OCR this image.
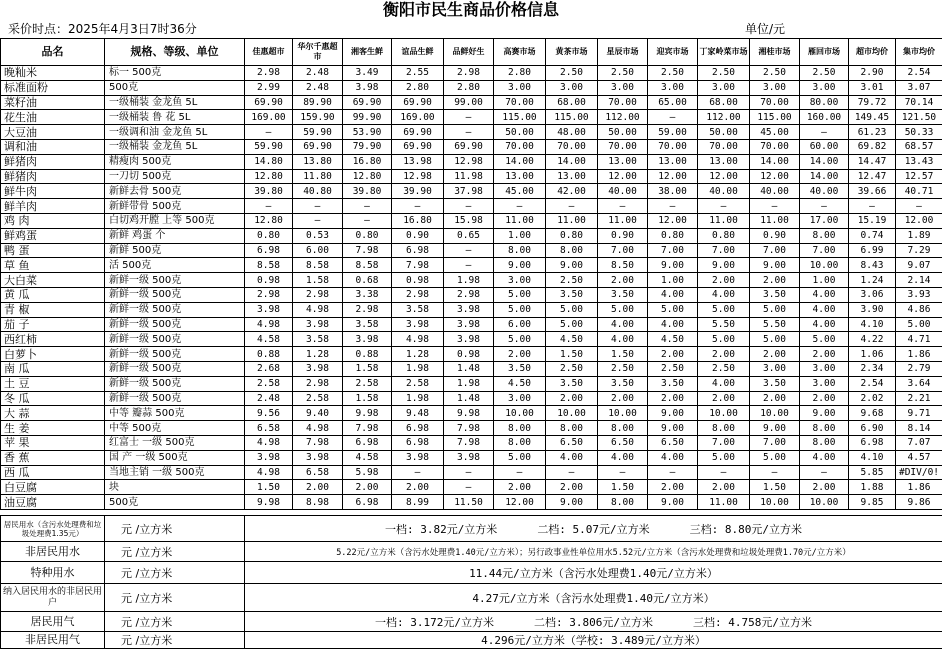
衡阳市民生商品价格信息
采价时点：2025年4月3日7时36分	单位/元
品名	规格、等级、单位	佳惠超市	华尔千惠超 市	湘客生鲜	谊品生鲜	品鲜好生	高赛市场	黄茶市场	星辰市场	迎宾市场	丁家岭菜市场	湘桂市场	雁回市场	超市均价	集市均价
晚籼米	标一 500克	2.98	2.48	3.49	2.55	2.98	2.80	2.50	2.50	2.50	2.50	2.50	2.50	2.90	2.54
标准面粉	500克	2.99	2.48	3.98	2.80	2.80	3.00	3.00	3.00	3.00	3.00	3.00	3.00	3.01	3.07
菜籽油	一级桶装 金龙鱼 5L	69.90	89.90	69.90	69.90	99.00	70.00	68.00	70.00	65.00	68.00	70.00	80.00	79.72	70.14
花生油	一级桶装 鲁 花 5L	169.00	159.90	99.90	169.00	—	115.00	115.00	112.00	—	112.00	115.00	160.00	149.45	121.50
大豆油	一级调和油 金龙鱼 5L	—	59.90	53.90	69.90	—	50.00	48.00	50.00	59.00	50.00	45.00	—	61.23	50.33
调和油	一级桶装 金龙鱼 5L	59.90	69.90	79.90	69.90	69.90	70.00	70.00	70.00	70.00	70.00	70.00	60.00	69.82	68.57
鲜猪肉	精瘦肉 500克	14.80	13.80	16.80	13.98	12.98	14.00	14.00	13.00	13.00	13.00	14.00	14.00	14.47	13.43
鲜猪肉	一刀切 500克	12.80	11.80	12.80	12.98	11.98	13.00	13.00	12.00	12.00	12.00	12.00	14.00	12.47	12.57
鲜牛肉	新鲜去骨 500克	39.80	40.80	39.80	39.90	37.98	45.00	42.00	40.00	38.00	40.00	40.00	40.00	39.66	40.71
鲜羊肉	新鲜带骨 500克	—	—	—	—	—	—	—	—	—	—	—	—	—	—
鸡 肉	白切鸡开膛 上等 500克	12.80	—	—	16.80	15.98	11.00	11.00	11.00	12.00	11.00	11.00	17.00	15.19	12.00
鲜鸡蛋	新鲜 鸡蛋 个	0.80	0.53	0.80	0.90	0.65	1.00	0.80	0.90	0.80	0.80	0.90	8.00	0.74	1.89
鸭 蛋	新鲜 500克	6.98	6.00	7.98	6.98	—	8.00	8.00	7.00	7.00	7.00	7.00	7.00	6.99	7.29
草 鱼	活 500克	8.58	8.58	8.58	7.98	—	9.00	9.00	8.50	9.00	9.00	9.00	10.00	8.43	9.07
大白菜	新鲜一级 500克	0.98	1.58	0.68	0.98	1.98	3.00	2.50	2.00	1.00	2.00	2.00	1.00	1.24	2.14
黄 瓜	新鲜一级 500克	2.98	2.98	3.38	2.98	2.98	5.00	3.50	3.50	4.00	4.00	3.50	4.00	3.06	3.93
青 椒	新鲜一级 500克	3.98	4.98	2.98	3.58	3.98	5.00	5.00	5.00	5.00	5.00	5.00	4.00	3.90	4.86
茄 子	新鲜一级 500克	4.98	3.98	3.58	3.98	3.98	6.00	5.00	4.00	4.00	5.50	5.50	4.00	4.10	5.00
西红柿	新鲜一级 500克	4.58	3.58	3.98	4.98	3.98	5.00	4.50	4.00	4.50	5.00	5.00	5.00	4.22	4.71
白萝卜	新鲜一级 500克	0.88	1.28	0.88	1.28	0.98	2.00	1.50	1.50	2.00	2.00	2.00	2.00	1.06	1.86
南 瓜	新鲜一级 500克	2.68	3.98	1.58	1.98	1.48	3.50	2.50	2.50	2.50	2.50	3.00	3.00	2.34	2.79
土 豆	新鲜一级 500克	2.58	2.98	2.58	2.58	1.98	4.50	3.50	3.50	3.50	4.00	3.50	3.00	2.54	3.64
冬 瓜	新鲜一级 500克	2.48	2.58	1.58	1.98	1.48	3.00	2.00	2.00	2.00	2.00	2.00	2.00	2.02	2.21
大 蒜	中等 瓣蒜 500克	9.56	9.40	9.98	9.48	9.98	10.00	10.00	10.00	9.00	10.00	10.00	9.00	9.68	9.71
生 姜	中等 500克	6.58	4.98	7.98	6.98	7.98	8.00	8.00	8.00	9.00	8.00	9.00	8.00	6.90	8.14
苹 果	红富士 一级 500克	4.98	7.98	6.98	6.98	7.98	8.00	6.50	6.50	6.50	7.00	7.00	8.00	6.98	7.07
香 蕉	国 产 一级 500克	3.98	3.98	4.58	3.98	3.98	5.00	4.00	4.00	4.00	5.00	5.00	4.00	4.10	4.57
西 瓜	当地主销 一级 500克	4.98	6.58	5.98	—	—	—	—	—	—	—	—	—	5.85	#DIV/0!
白豆腐	块	1.50	2.00	2.00	2.00	—	2.00	2.00	1.50	2.00	2.00	1.50	2.00	1.88	1.86
油豆腐	500克	9.98	8.98	6.98	8.99	11.50	12.00	9.00	8.00	9.00	11.00	10.00	10.00	9.85	9.86
居民用水（含污水处理费和垃圾处理费1.35元）	元 /立方米	一档: 3.82元/立方米 二档: 5.07元/立方米 三档: 8.80元/立方米
非居民用水	元 /立方米	5.22元/立方米（含污水处理费1.40元/立方米）；另行政事业性单位用水5.52元/立方米（含污水处理费和垃圾处理费1.70元/立方米）
特种用水	元 /立方米	11.44元/立方米（含污水处理费1.40元/立方米）
纳入居民用水的非居民用户	元 /立方米	4.27元/立方米（含污水处理费1.40元/立方米）
居民用气	元 /立方米	一档: 3.172元/立方米 二档: 3.806元/立方米 三档: 4.758元/立方米
非居民用气	元 /立方米	4.296元/立方米（学校: 3.489元/立方米）
